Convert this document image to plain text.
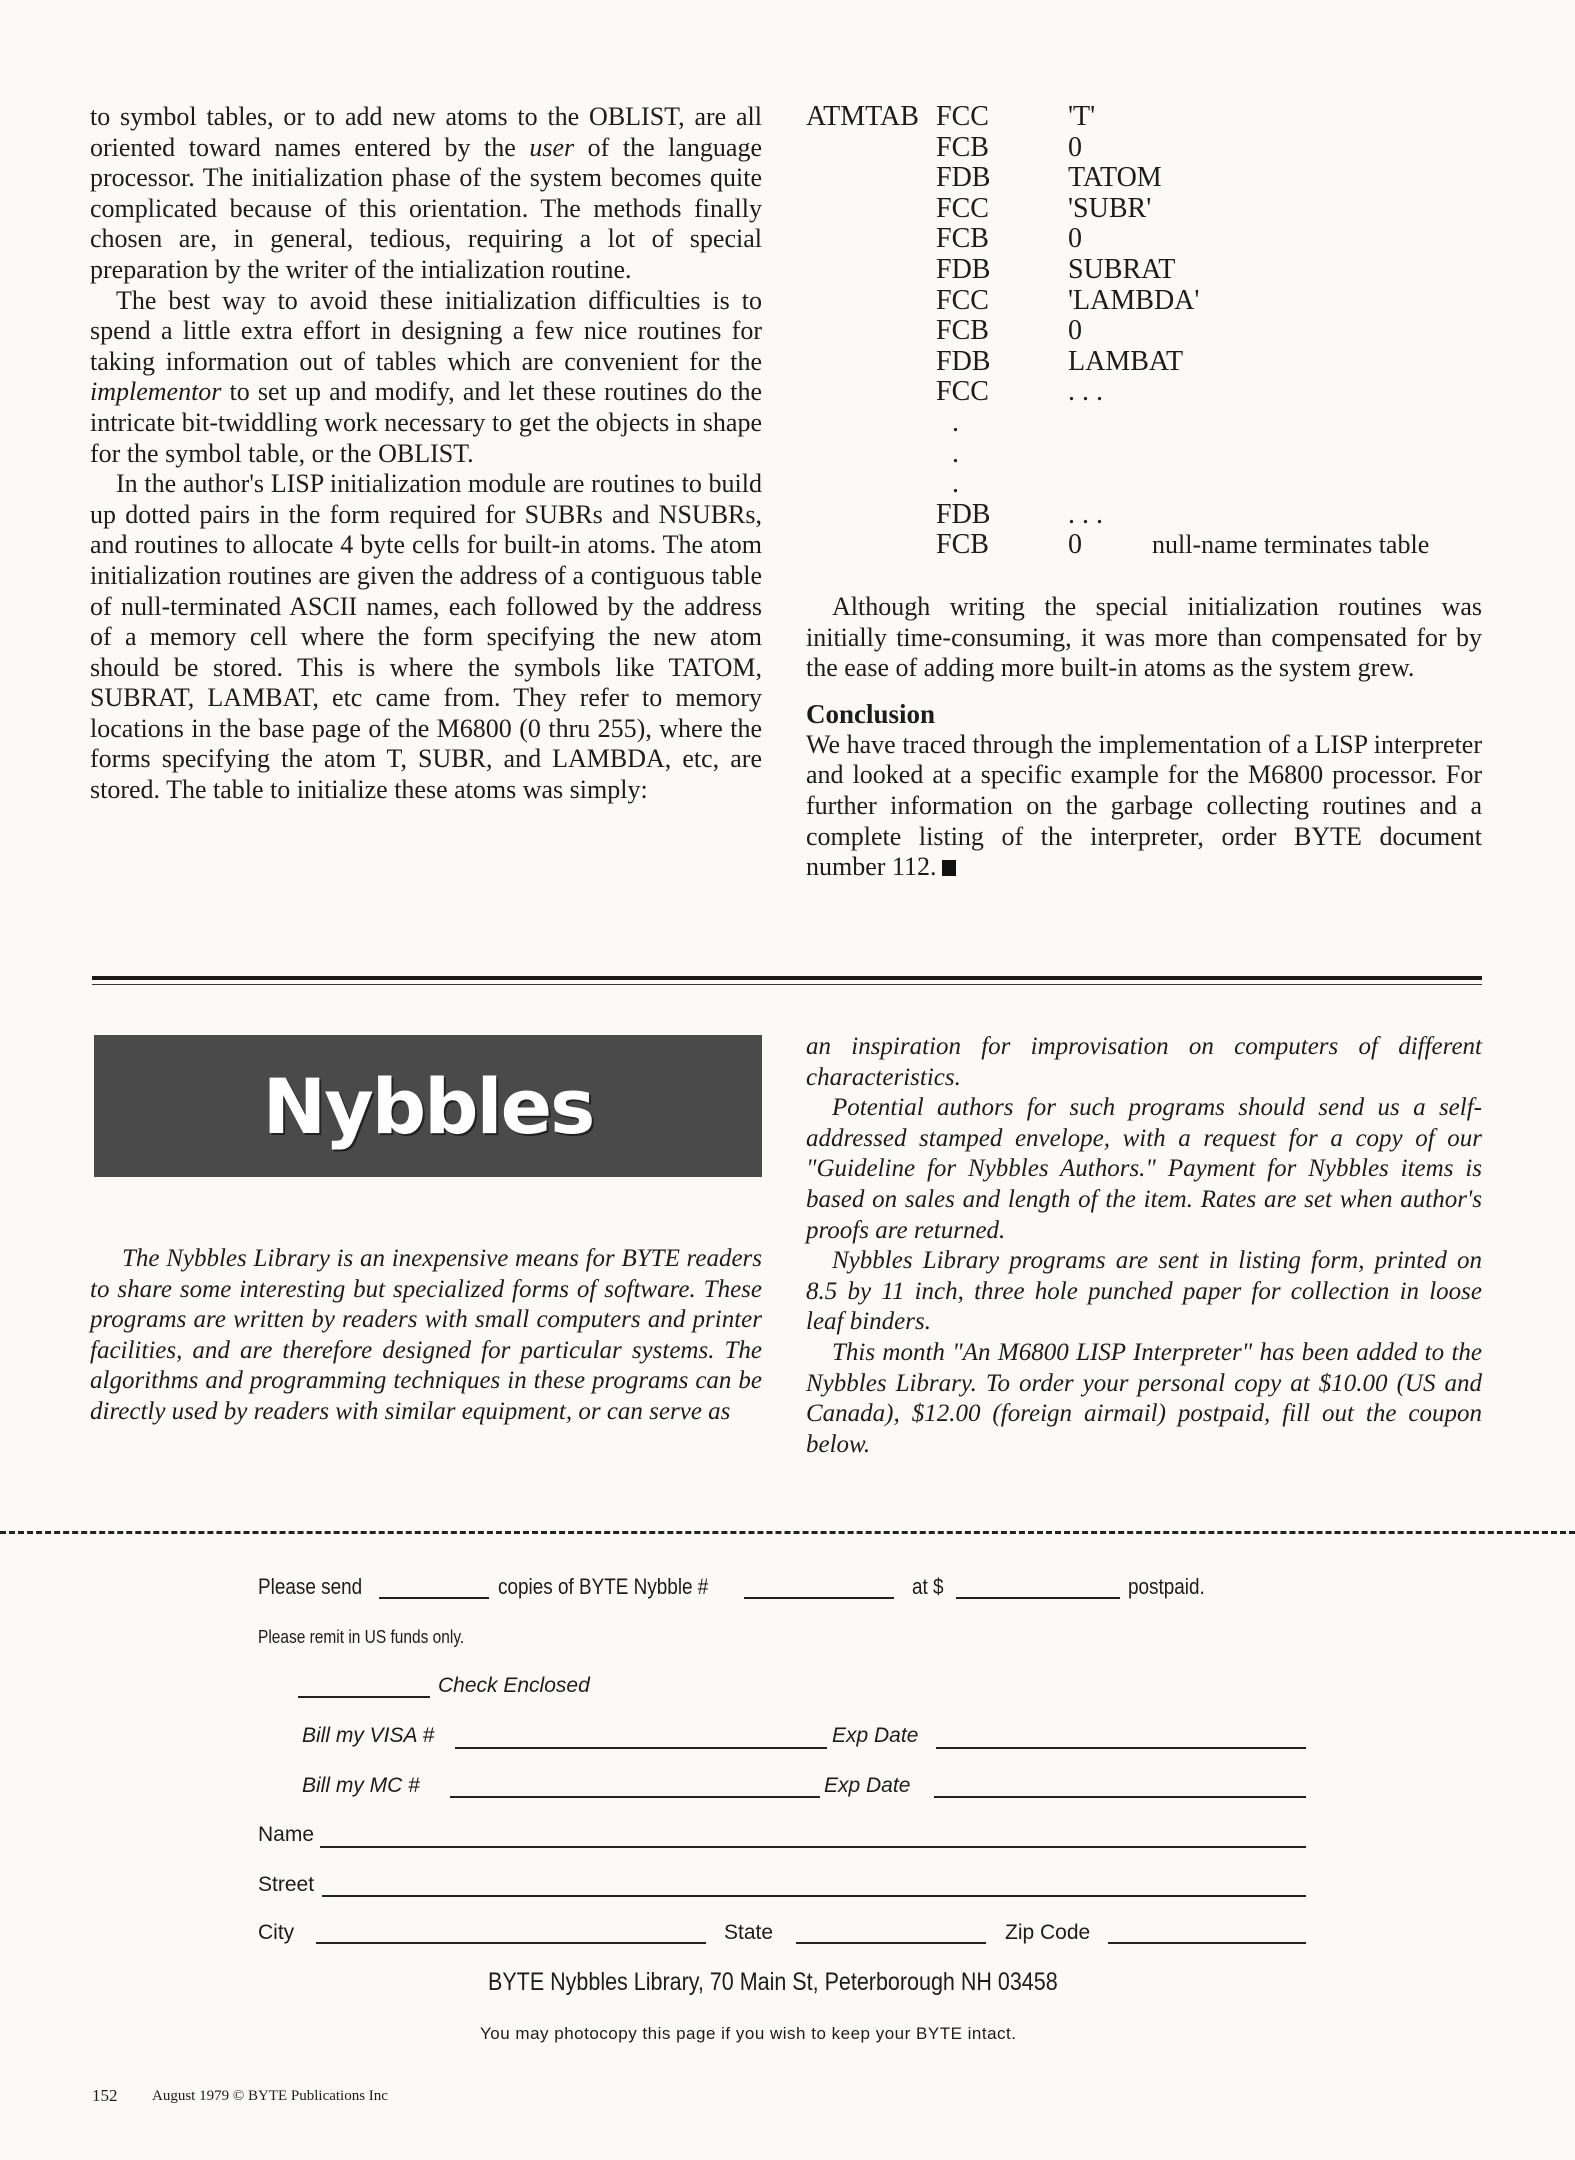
to symbol tables, or to add new atoms to the OBLIST, are all oriented toward names entered by the user of the language processor. The initialization phase of the system becomes quite complicated because of this orientation. The methods finally chosen are, in general, tedious, requiring a lot of special preparation by the writer of the intialization routine.

The best way to avoid these initialization difficulties is to spend a little extra effort in designing a few nice routines for taking information out of tables which are convenient for the implementor to set up and modify, and let these routines do the intricate bit-twiddling work necessary to get the objects in shape for the symbol table, or the OBLIST.

In the author's LISP initialization module are routines to build up dotted pairs in the form required for SUBRs and NSUBRs, and routines to allocate 4 byte cells for built-in atoms. The atom initialization routines are given the address of a contiguous table of null-terminated ASCII names, each followed by the address of a memory cell where the form specifying the new atom should be stored. This is where the symbols like TATOM, SUBRAT, LAMBAT, etc came from. They refer to memory locations in the base page of the M6800 (0 thru 255), where the forms specifying the atom T, SUBR, and LAMBDA, etc, are stored. The table to initialize these atoms was simply:

ATMTAB FCC	'T'
FCB	0
FDB	TATOM
FCC	'SUBR'
FCB	0
FDB	SUBRAT
FCC	'LAMBDA'
FCB	0
FDB	LAMBAT
FCC	. . .
.
.
.
FDB	. . .
FCB	0	null-name terminates table

Although writing the special initialization routines was initially time-consuming, it was more than compensated for by the ease of adding more built-in atoms as the system grew.

Conclusion

We have traced through the implementation of a LISP interpreter and looked at a specific example for the M6800 processor. For further information on the garbage collecting routines and a complete listing of the interpreter, order BYTE document number 112.

Nybbles

The Nybbles Library is an inexpensive means for BYTE readers to share some interesting but specialized forms of software. These programs are written by readers with small computers and printer facilities, and are therefore designed for particular systems. The algorithms and programming techniques in these programs can be directly used by readers with similar equipment, or can serve as

an inspiration for improvisation on computers of different characteristics.

Potential authors for such programs should send us a self-addressed stamped envelope, with a request for a copy of our "Guideline for Nybbles Authors." Payment for Nybbles items is based on sales and length of the item. Rates are set when author's proofs are returned.

Nybbles Library programs are sent in listing form, printed on 8.5 by 11 inch, three hole punched paper for collection in loose leaf binders.

This month "An M6800 LISP Interpreter" has been added to the Nybbles Library. To order your personal copy at $10.00 (US and Canada), $12.00 (foreign airmail) postpaid, fill out the coupon below.

Please send	copies of BYTE Nybble #	at $	postpaid.
Please remit in US funds only.
Check Enclosed
Bill my VISA #	Exp Date
Bill my MC #	Exp Date
Name
Street
City	State	Zip Code
BYTE Nybbles Library, 70 Main St, Peterborough NH 03458
You may photocopy this page if you wish to keep your BYTE intact.
152 August 1979 © BYTE Publications Inc
